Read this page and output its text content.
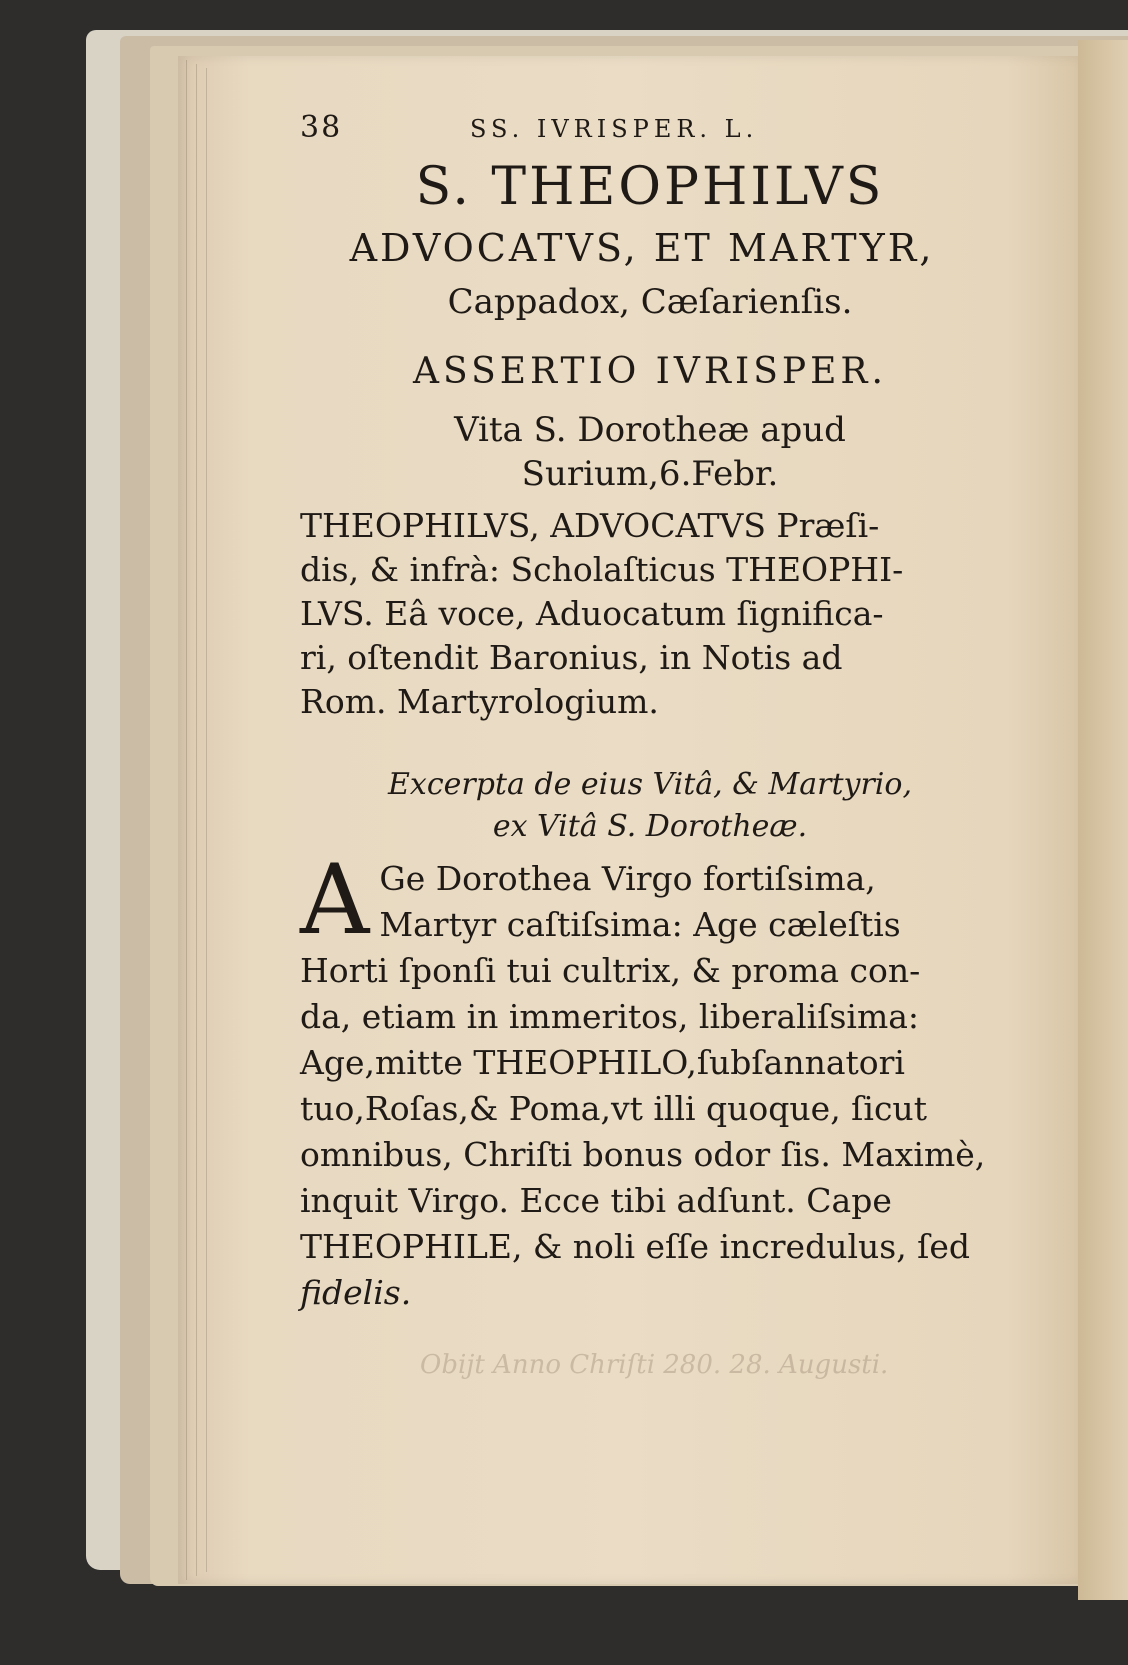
38	SS. IVRISPER. L.
S. THEOPHILVS
ADVOCATVS, ET MARTYR,
Cappadox, Cæſarienſis.
ASSERTIO IVRISPER.
Vita S. Dorotheæ apud
Surium,6.Febr.
THEOPHILVS, ADVOCATVS Præſi-
dis, & infrà: Scholaſticus THEOPHI-
LVS. Eâ voce, Aduocatum ſignifica-
ri, oſtendit Baronius, in Notis ad
Rom. Martyrologium.
Excerpta de eius Vitâ, & Martyrio,
ex Vitâ S. Dorotheæ.
A Ge Dorothea Virgo fortiſsima,
Martyr caſtiſsima: Age cæleſtis
Horti ſponſi tui cultrix, & proma con-
da, etiam in immeritos, liberaliſsima:
Age,mitte THEOPHILO,ſubſannatori
tuo,Roſas,& Poma,vt illi quoque, ſicut
omnibus, Chriſti bonus odor ſis. Maximè,
inquit Virgo. Ecce tibi adſunt. Cape
THEOPHILE, & noli eſſe incredulus, ſed
fidelis.
Obijt Anno Chriſti 280. 28. Augusti.
